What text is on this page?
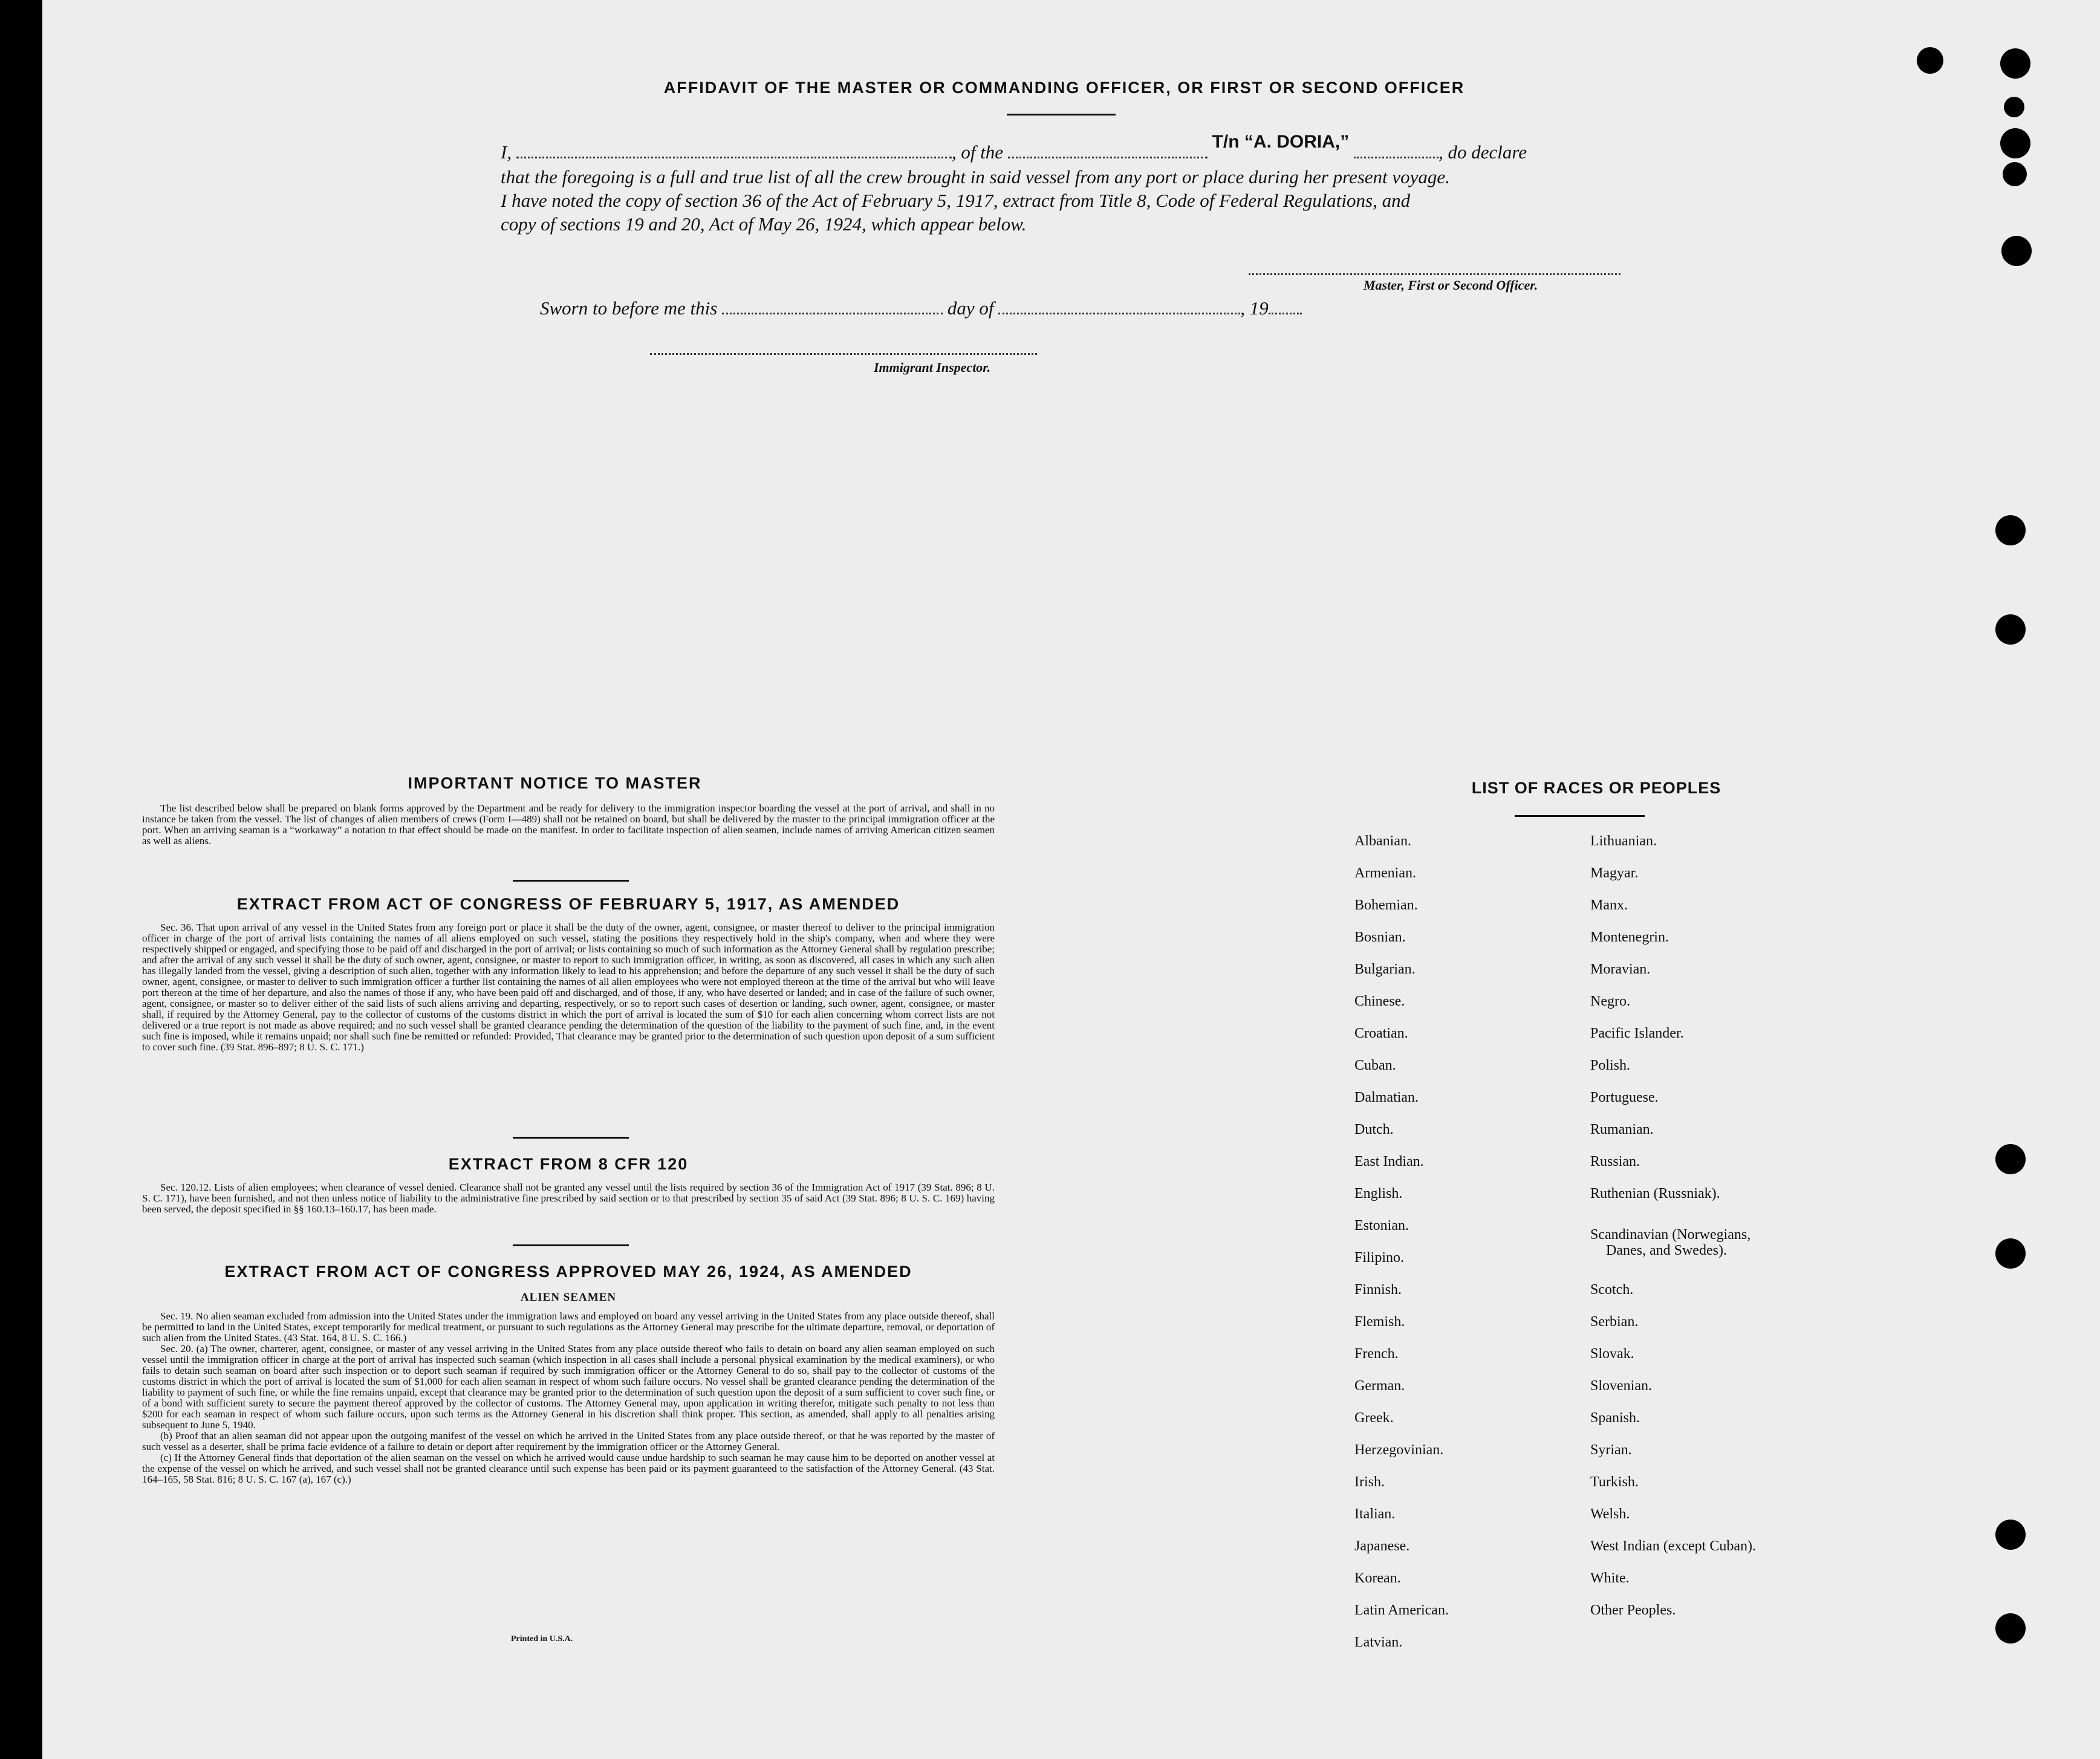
AFFIDAVIT OF THE MASTER OR COMMANDING OFFICER, OR FIRST OR SECOND OFFICER
I,	, of the	T/n “A. DORIA,”	, do declare
that the foregoing is a full and true list of all the crew brought in said vessel from any port or place during her present voyage.
I have noted the copy of section 36 of the Act of February 5, 1917, extract from Title 8, Code of Federal Regulations, and
copy of sections 19 and 20, Act of May 26, 1924, which appear below.
Master, First or Second Officer.
Sworn to before me this	day of	, 19
Immigrant Inspector.
IMPORTANT NOTICE TO MASTER

The list described below shall be prepared on blank forms approved by the Department and be ready for delivery to the immigration inspector boarding the vessel at the port of arrival, and shall in no instance be taken from the vessel. The list of changes of alien members of crews (Form I—489) shall not be retained on board, but shall be delivered by the master to the principal immigration officer at the port. When an arriving seaman is a “workaway” a notation to that effect should be made on the manifest. In order to facilitate inspection of alien seamen, include names of arriving American citizen seamen as well as aliens.

EXTRACT FROM ACT OF CONGRESS OF FEBRUARY 5, 1917, AS AMENDED

Sec. 36. That upon arrival of any vessel in the United States from any foreign port or place it shall be the duty of the owner, agent, consignee, or master thereof to deliver to the principal immigration officer in charge of the port of arrival lists containing the names of all aliens employed on such vessel, stating the positions they respectively hold in the ship's company, when and where they were respectively shipped or engaged, and specifying those to be paid off and discharged in the port of arrival; or lists containing so much of such information as the Attorney General shall by regulation prescribe; and after the arrival of any such vessel it shall be the duty of such owner, agent, consignee, or master to report to such immigration officer, in writing, as soon as discovered, all cases in which any such alien has illegally landed from the vessel, giving a description of such alien, together with any information likely to lead to his apprehension; and before the departure of any such vessel it shall be the duty of such owner, agent, consignee, or master to deliver to such immigration officer a further list containing the names of all alien employees who were not employed thereon at the time of the arrival but who will leave port thereon at the time of her departure, and also the names of those if any, who have been paid off and discharged, and of those, if any, who have deserted or landed; and in case of the failure of such owner, agent, consignee, or master so to deliver either of the said lists of such aliens arriving and departing, respectively, or so to report such cases of desertion or landing, such owner, agent, consignee, or master shall, if required by the Attorney General, pay to the collector of customs of the customs district in which the port of arrival is located the sum of $10 for each alien concerning whom correct lists are not delivered or a true report is not made as above required; and no such vessel shall be granted clearance pending the determination of the question of the liability to the payment of such fine, and, in the event such fine is imposed, while it remains unpaid; nor shall such fine be remitted or refunded: Provided, That clearance may be granted prior to the determination of such question upon deposit of a sum sufficient to cover such fine. (39 Stat. 896–897; 8 U. S. C. 171.)

EXTRACT FROM 8 CFR 120

Sec. 120.12. Lists of alien employees; when clearance of vessel denied. Clearance shall not be granted any vessel until the lists required by section 36 of the Immigration Act of 1917 (39 Stat. 896; 8 U. S. C. 171), have been furnished, and not then unless notice of liability to the administrative fine prescribed by said section or to that prescribed by section 35 of said Act (39 Stat. 896; 8 U. S. C. 169) having been served, the deposit specified in §§ 160.13–160.17, has been made.

EXTRACT FROM ACT OF CONGRESS APPROVED MAY 26, 1924, AS AMENDED
ALIEN SEAMEN

Sec. 19. No alien seaman excluded from admission into the United States under the immigration laws and employed on board any vessel arriving in the United States from any place outside thereof, shall be permitted to land in the United States, except temporarily for medical treatment, or pursuant to such regulations as the Attorney General may prescribe for the ultimate departure, removal, or deportation of such alien from the United States. (43 Stat. 164, 8 U. S. C. 166.)

Sec. 20. (a) The owner, charterer, agent, consignee, or master of any vessel arriving in the United States from any place outside thereof who fails to detain on board any alien seaman employed on such vessel until the immigration officer in charge at the port of arrival has inspected such seaman (which inspection in all cases shall include a personal physical examination by the medical examiners), or who fails to detain such seaman on board after such inspection or to deport such seaman if required by such immigration officer or the Attorney General to do so, shall pay to the collector of customs of the customs district in which the port of arrival is located the sum of $1,000 for each alien seaman in respect of whom such failure occurs. No vessel shall be granted clearance pending the determination of the liability to payment of such fine, or while the fine remains unpaid, except that clearance may be granted prior to the determination of such question upon the deposit of a sum sufficient to cover such fine, or of a bond with sufficient surety to secure the payment thereof approved by the collector of customs. The Attorney General may, upon application in writing therefor, mitigate such penalty to not less than $200 for each seaman in respect of whom such failure occurs, upon such terms as the Attorney General in his discretion shall think proper. This section, as amended, shall apply to all penalties arising subsequent to June 5, 1940.

(b) Proof that an alien seaman did not appear upon the outgoing manifest of the vessel on which he arrived in the United States from any place outside thereof, or that he was reported by the master of such vessel as a deserter, shall be prima facie evidence of a failure to detain or deport after requirement by the immigration officer or the Attorney General.

(c) If the Attorney General finds that deportation of the alien seaman on the vessel on which he arrived would cause undue hardship to such seaman he may cause him to be deported on another vessel at the expense of the vessel on which he arrived, and such vessel shall not be granted clearance until such expense has been paid or its payment guaranteed to the satisfaction of the Attorney General. (43 Stat. 164–165, 58 Stat. 816; 8 U. S. C. 167 (a), 167 (c).)

Printed in U.S.A.
LIST OF RACES OR PEOPLES
Albanian.
Armenian.
Bohemian.
Bosnian.
Bulgarian.
Chinese.
Croatian.
Cuban.
Dalmatian.
Dutch.
East Indian.
English.
Estonian.
Filipino.
Finnish.
Flemish.
French.
German.
Greek.
Herzegovinian.
Irish.
Italian.
Japanese.
Korean.
Latin American.
Latvian.
Lithuanian.
Magyar.
Manx.
Montenegrin.
Moravian.
Negro.
Pacific Islander.
Polish.
Portuguese.
Rumanian.
Russian.
Ruthenian (Russniak).
Scandinavian (Norwegians,
Danes, and Swedes).
Scotch.
Serbian.
Slovak.
Slovenian.
Spanish.
Syrian.
Turkish.
Welsh.
West Indian (except Cuban).
White.
Other Peoples.
